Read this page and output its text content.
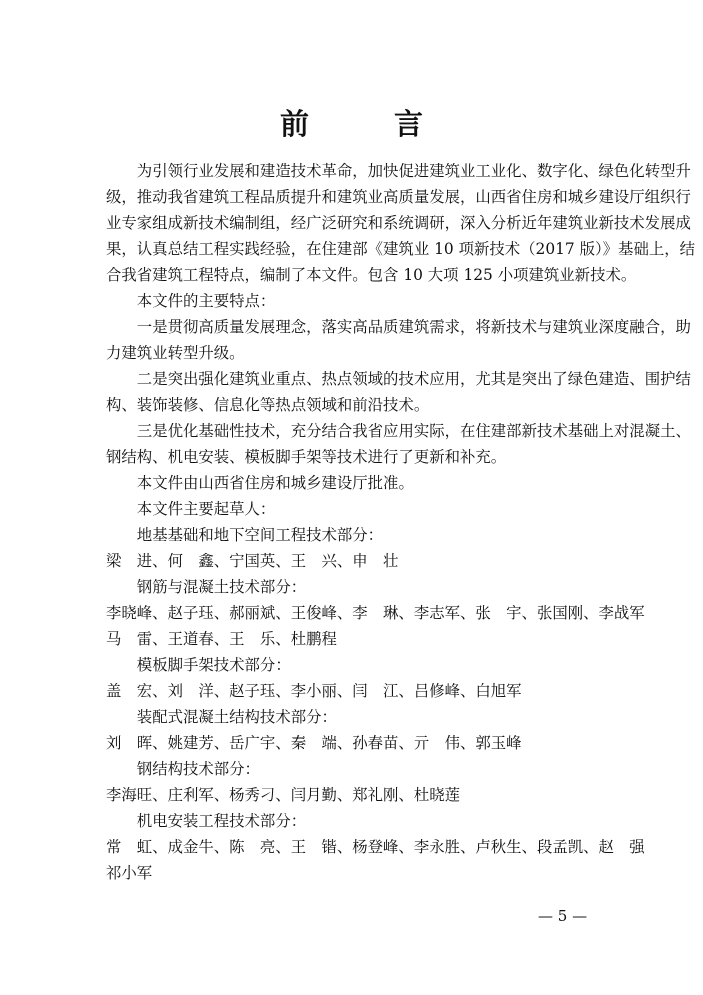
前　言
为引领行业发展和建造技术革命，加快促进建筑业工业化、数字化、绿色化转型升
级，推动我省建筑工程品质提升和建筑业高质量发展，山西省住房和城乡建设厅组织行
业专家组成新技术编制组，经广泛研究和系统调研，深入分析近年建筑业新技术发展成
果，认真总结工程实践经验，在住建部《建筑业 10 项新技术（2017 版）》基础上，结
合我省建筑工程特点，编制了本文件。包含 10 大项 125 小项建筑业新技术。
本文件的主要特点：
一是贯彻高质量发展理念，落实高品质建筑需求，将新技术与建筑业深度融合，助
力建筑业转型升级。
二是突出强化建筑业重点、热点领域的技术应用，尤其是突出了绿色建造、围护结
构、装饰装修、信息化等热点领域和前沿技术。
三是优化基础性技术，充分结合我省应用实际，在住建部新技术基础上对混凝土、
钢结构、机电安装、模板脚手架等技术进行了更新和补充。
本文件由山西省住房和城乡建设厅批准。
本文件主要起草人：
地基基础和地下空间工程技术部分：
梁　进、何　鑫、宁国英、王　兴、申　壮
钢筋与混凝土技术部分：
李晓峰、赵子珏、郝丽斌、王俊峰、李　琳、李志军、张　宇、张国刚、李战军
马　雷、王道春、王　乐、杜鹏程
模板脚手架技术部分：
盖　宏、刘　洋、赵子珏、李小丽、闫　江、吕修峰、白旭军
装配式混凝土结构技术部分：
刘　晖、姚建芳、岳广宇、秦　端、孙春苗、亓　伟、郭玉峰
钢结构技术部分：
李海旺、庄利军、杨秀刁、闫月勤、郑礼刚、杜晓莲
机电安装工程技术部分：
常　虹、成金牛、陈　亮、王　锴、杨登峰、李永胜、卢秋生、段孟凯、赵　强
祁小军
— 5 —
